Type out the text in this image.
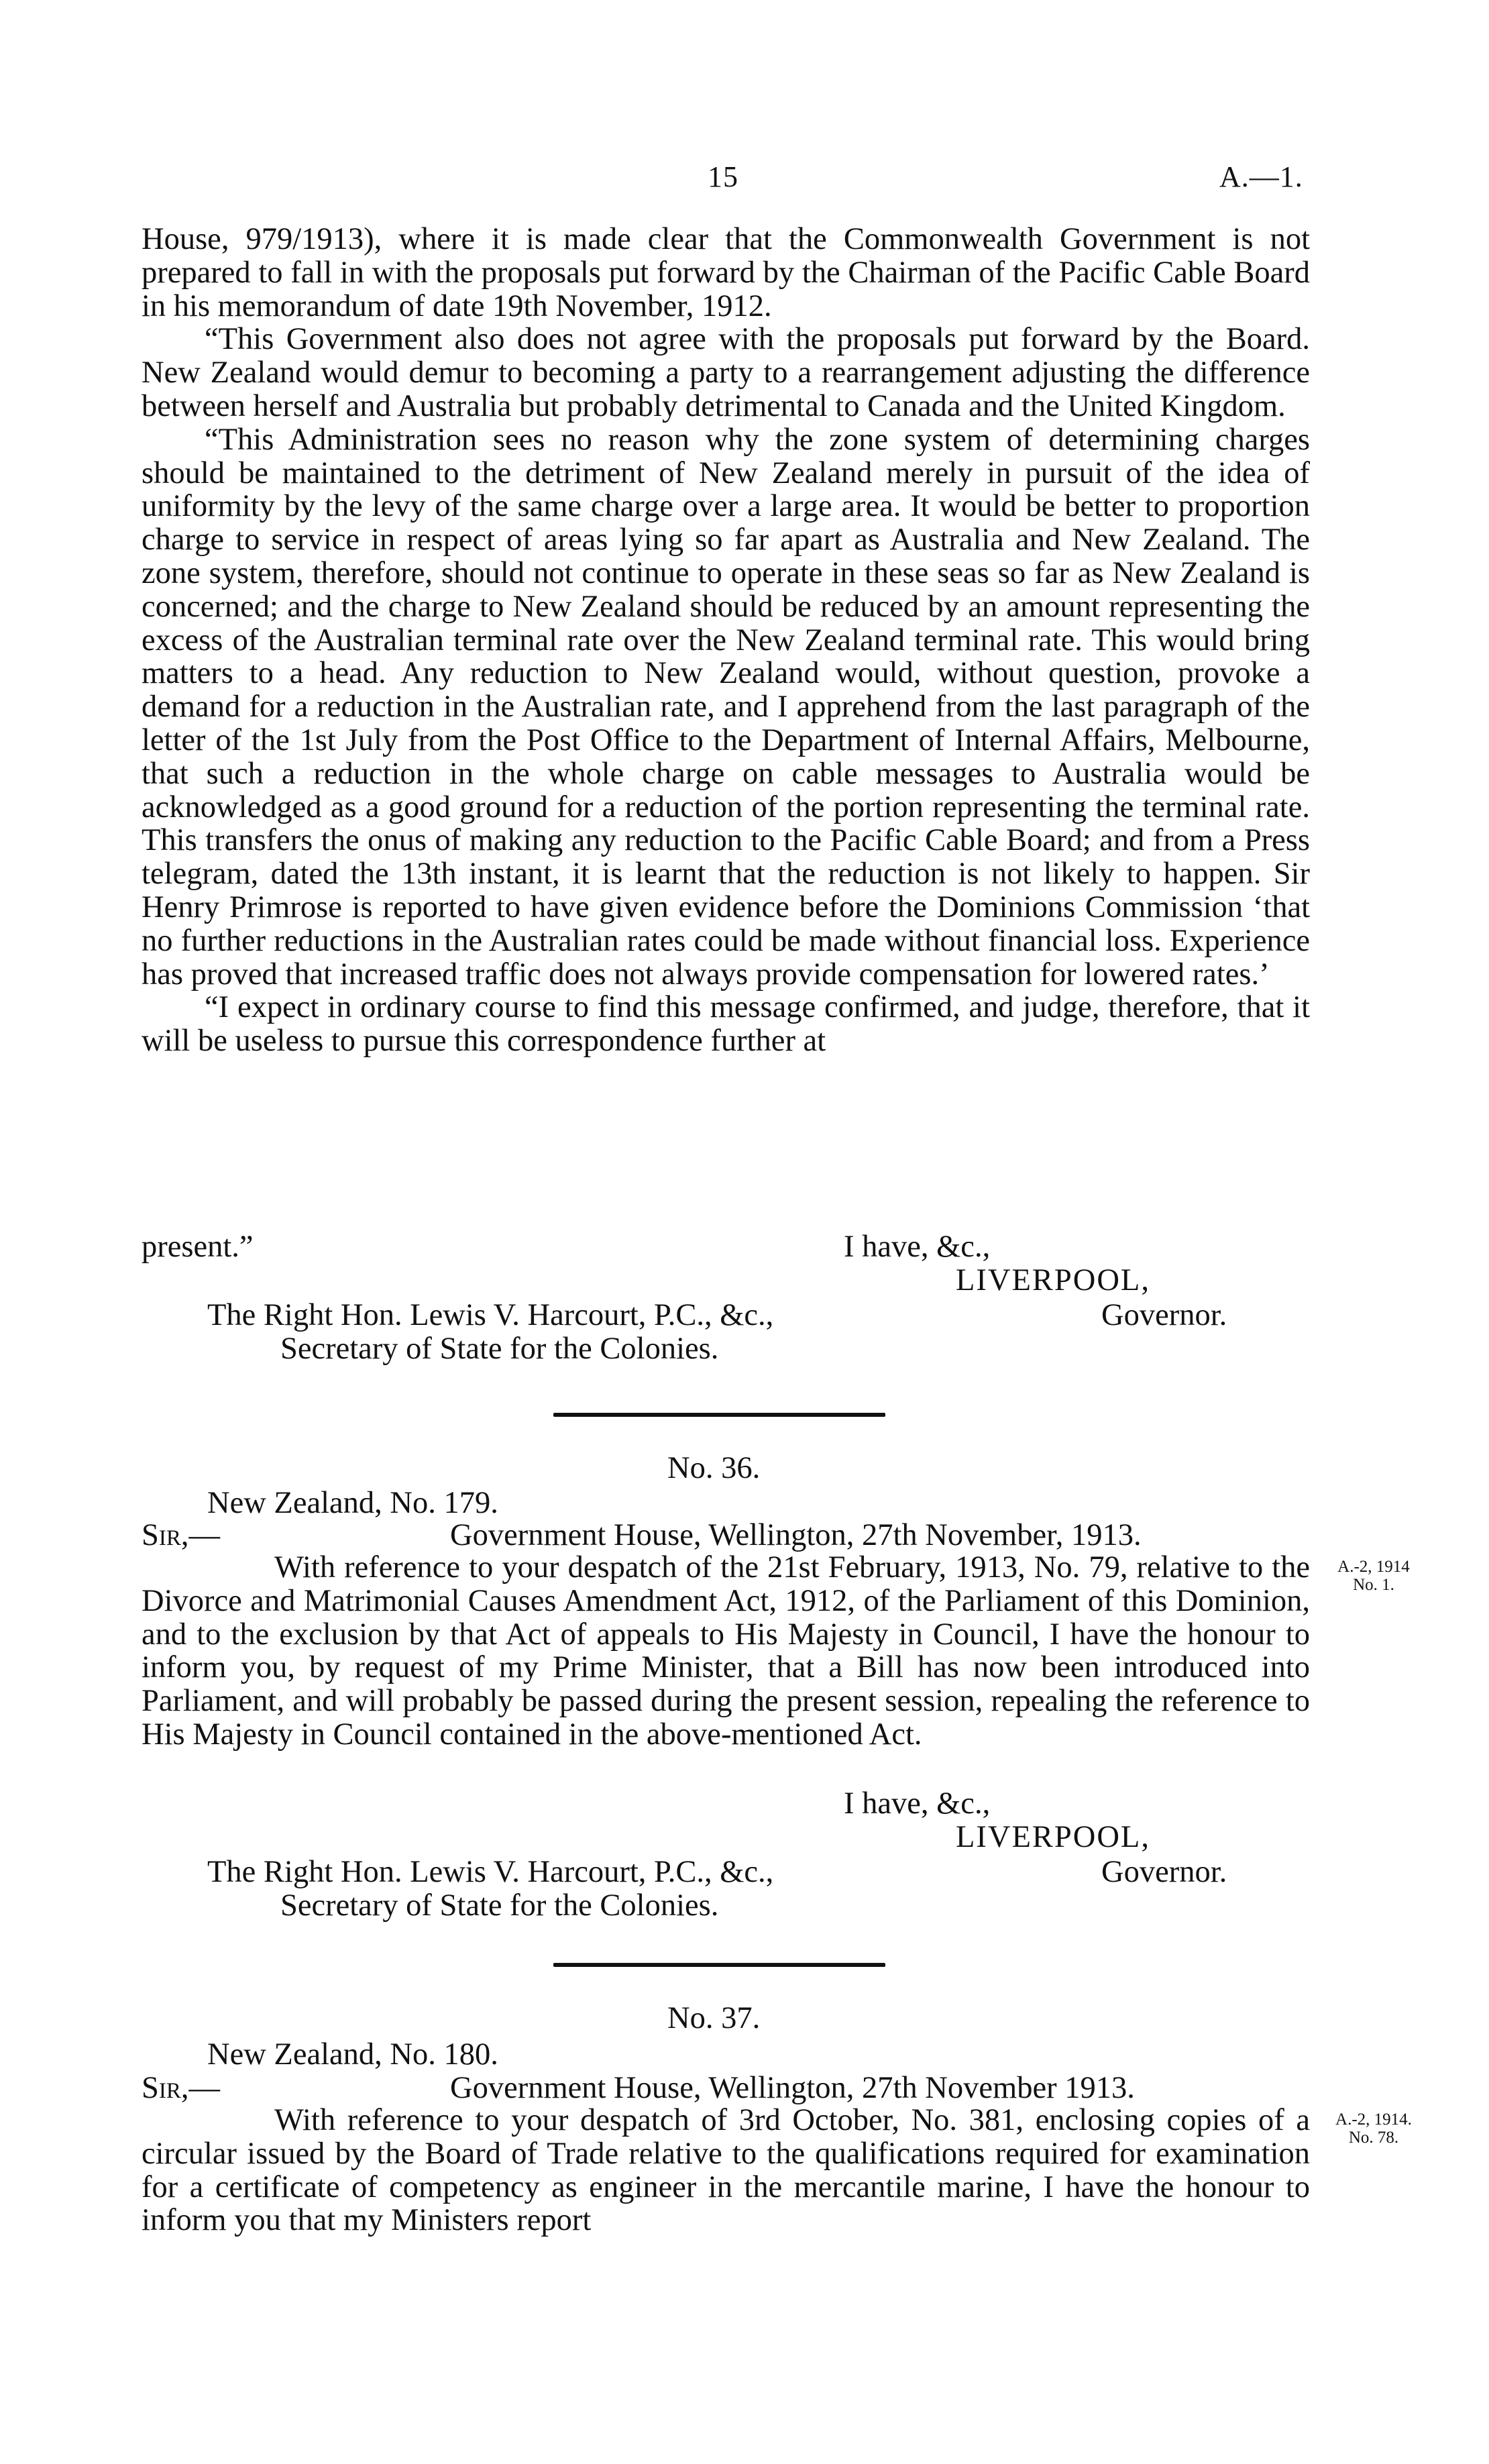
15	A.—1.

House, 979/1913), where it is made clear that the Commonwealth Government is not prepared to fall in with the proposals put forward by the Chairman of the Pacific Cable Board in his memorandum of date 19th November, 1912.

“This Government also does not agree with the proposals put forward by the Board. New Zealand would demur to becoming a party to a rearrangement adjusting the difference between herself and Australia but probably detrimental to Canada and the United Kingdom.

“This Administration sees no reason why the zone system of determining charges should be maintained to the detriment of New Zealand merely in pursuit of the idea of uniformity by the levy of the same charge over a large area. It would be better to proportion charge to service in respect of areas lying so far apart as Australia and New Zealand. The zone system, therefore, should not continue to operate in these seas so far as New Zealand is concerned; and the charge to New Zealand should be reduced by an amount representing the excess of the Australian terminal rate over the New Zealand terminal rate. This would bring matters to a head. Any reduction to New Zealand would, without question, provoke a demand for a reduction in the Australian rate, and I apprehend from the last paragraph of the letter of the 1st July from the Post Office to the Department of Internal Affairs, Melbourne, that such a reduction in the whole charge on cable messages to Australia would be acknowledged as a good ground for a reduction of the portion representing the terminal rate. This transfers the onus of making any reduction to the Pacific Cable Board; and from a Press telegram, dated the 13th instant, it is learnt that the reduction is not likely to happen. Sir Henry Primrose is reported to have given evidence before the Dominions Commission ‘that no further reductions in the Australian rates could be made without financial loss. Experience has proved that increased traffic does not always provide compensation for lowered rates.’

“I expect in ordinary course to find this message confirmed, and judge, therefore, that it will be useless to pursue this correspondence further at

present.”	I have, &c.,
LIVERPOOL,
The Right Hon. Lewis V. Harcourt, P.C., &c.,	Governor.
Secretary of State for the Colonies.
No. 36.
New Zealand, No. 179.
Sir,—	Government House, Wellington, 27th November, 1913.

With reference to your despatch of the 21st February, 1913, No. 79, relative to the Divorce and Matrimonial Causes Amendment Act, 1912, of the Parliament of this Dominion, and to the exclusion by that Act of appeals to His Majesty in Council, I have the honour to inform you, by request of my Prime Minister, that a Bill has now been introduced into Parliament, and will probably be passed during the present session, repealing the reference to His Majesty in Council contained in the above-mentioned Act.

A.-2, 1914
No. 1.
I have, &c.,
LIVERPOOL,
The Right Hon. Lewis V. Harcourt, P.C., &c.,	Governor.
Secretary of State for the Colonies.
No. 37.
New Zealand, No. 180.
Sir,—	Government House, Wellington, 27th November 1913.

With reference to your despatch of 3rd October, No. 381, enclosing copies of a circular issued by the Board of Trade relative to the qualifications required for examination for a certificate of competency as engineer in the mercantile marine, I have the honour to inform you that my Ministers report

A.-2, 1914.
No. 78.
